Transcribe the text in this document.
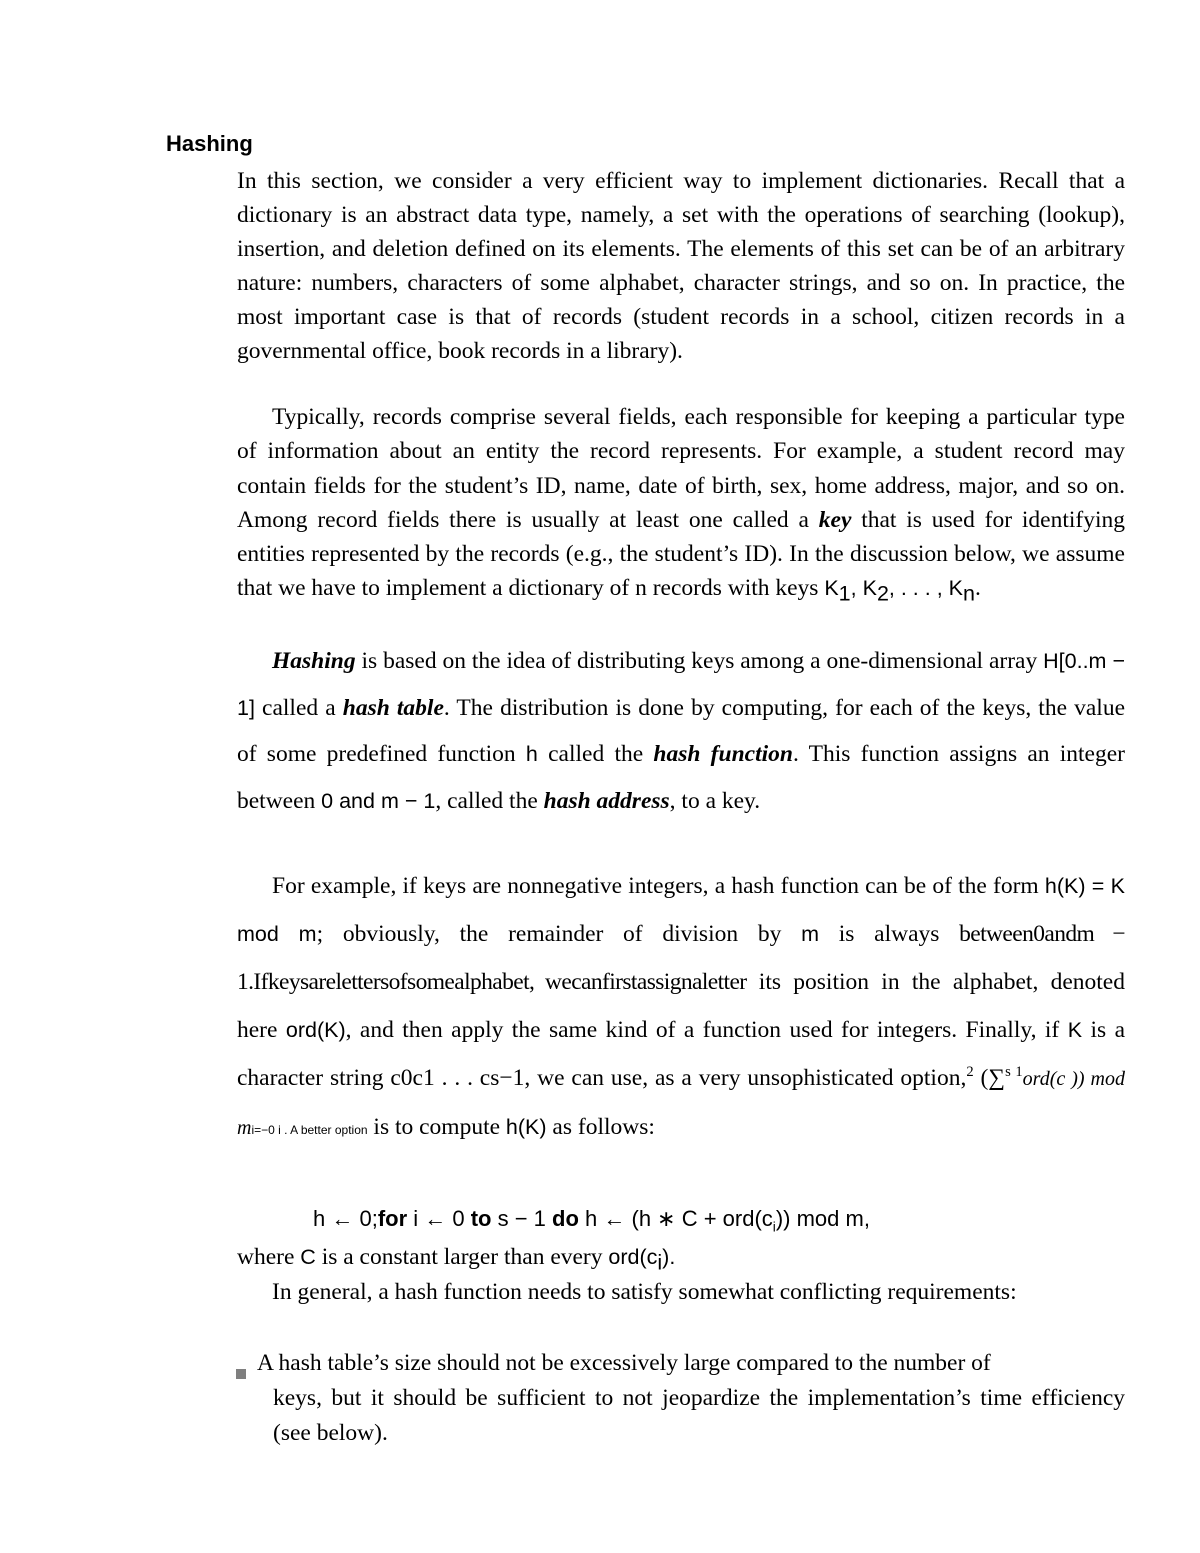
Hashing

In this section, we consider a very efficient way to implement dictionaries. Recall that a dictionary is an abstract data type, namely, a set with the operations of searching (lookup), insertion, and deletion defined on its elements. The elements of this set can be of an arbitrary nature: numbers, characters of some alphabet, character strings, and so on. In practice, the most important case is that of records (student records in a school, citizen records in a governmental office, book records in a library).

Typically, records comprise several fields, each responsible for keeping a particular type of information about an entity the record represents. For example, a student record may contain fields for the student’s ID, name, date of birth, sex, home address, major, and so on. Among record fields there is usually at least one called a key that is used for identifying entities represented by the records (e.g., the student’s ID). In the discussion below, we assume that we have to implement a dictionary of n records with keys $K_1$, $K_2$, . . . , $K_n$.

Hashing is based on the idea of distributing keys among a one-dimensional array H[0..m − 1] called a hash table. The distribution is done by computing, for each of the keys, the value of some predefined function h called the hash function. This function assigns an integer between 0 and m − 1, called the hash address, to a key.

For example, if keys are nonnegative integers, a hash function can be of the form h(K) = K mod m; obviously, the remainder of division by m is always between0andm − 1.Ifkeysarelettersofsomealphabet, wecanfirstassignaletter its position in the alphabet, denoted here ord(K), and then apply the same kind of a function used for integers. Finally, if K is a character string c0c1 . . . cs−1, we can use, as a very unsophisticated option,$^2$ (∑$^s$ $^1$ord(c )) mod mi=−0 i . A better option is to compute h(K) as follows:

h ← 0;for i ← 0 to s − 1 do h ← (h ∗ $C + ord(c_i)$) mod m,
where C is a constant larger than every $ord(c_i)$.

In general, a hash function needs to satisfy somewhat conflicting requirements:

A hash table’s size should not be excessively large compared to the number of
keys, but it should be sufficient to not jeopardize the implementation’s time efficiency (see below).
